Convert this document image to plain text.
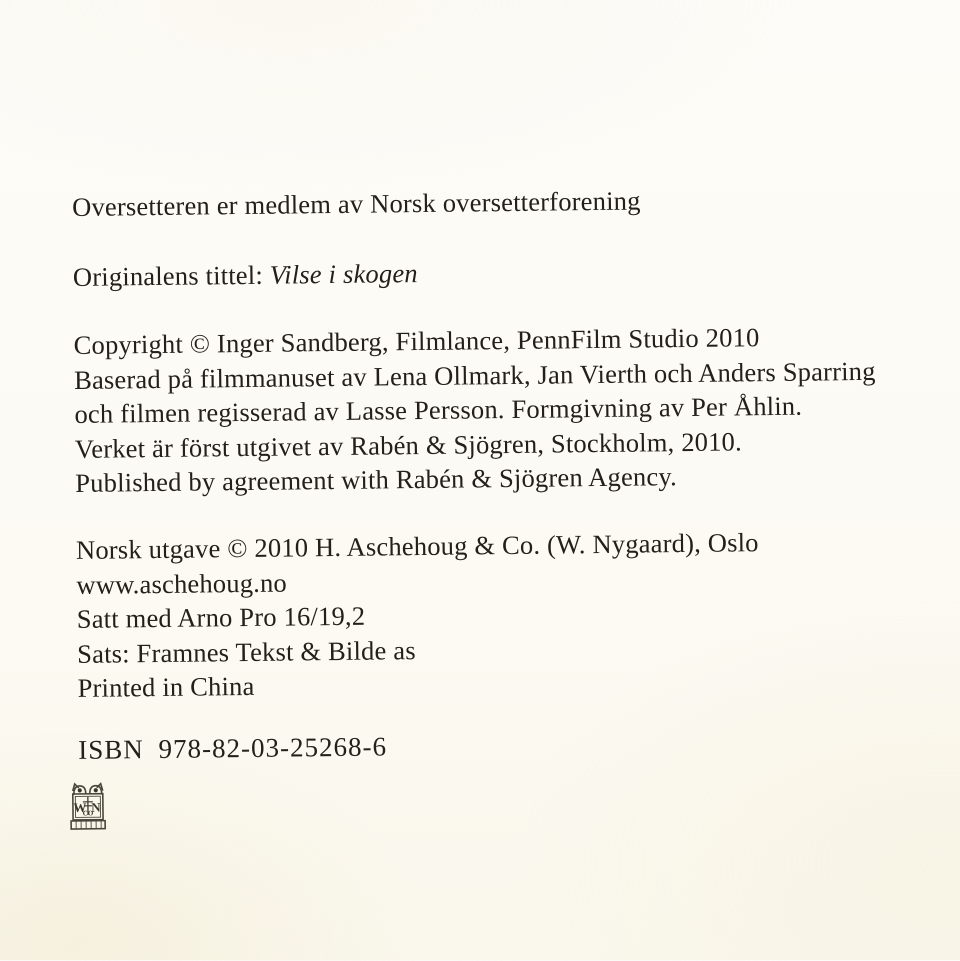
Oversetteren er medlem av Norsk oversetterforening

Originalens tittel: Vilse i skogen

Copyright © Inger Sandberg, Filmlance, PennFilm Studio 2010

Baserad på filmmanuset av Lena Ollmark, Jan Vierth och Anders Sparring

och filmen regisserad av Lasse Persson. Formgivning av Per Åhlin.

Verket är först utgivet av Rabén & Sjögren, Stockholm, 2010.

Published by agreement with Rabén & Sjögren Agency.

Norsk utgave © 2010 H. Aschehoug & Co. (W. Nygaard), Oslo

www.aschehoug.no

Satt med Arno Pro 16/19,2

Sats: Framnes Tekst & Bilde as

Printed in China

ISBN 978-82-03-25268-6

W N
CO
